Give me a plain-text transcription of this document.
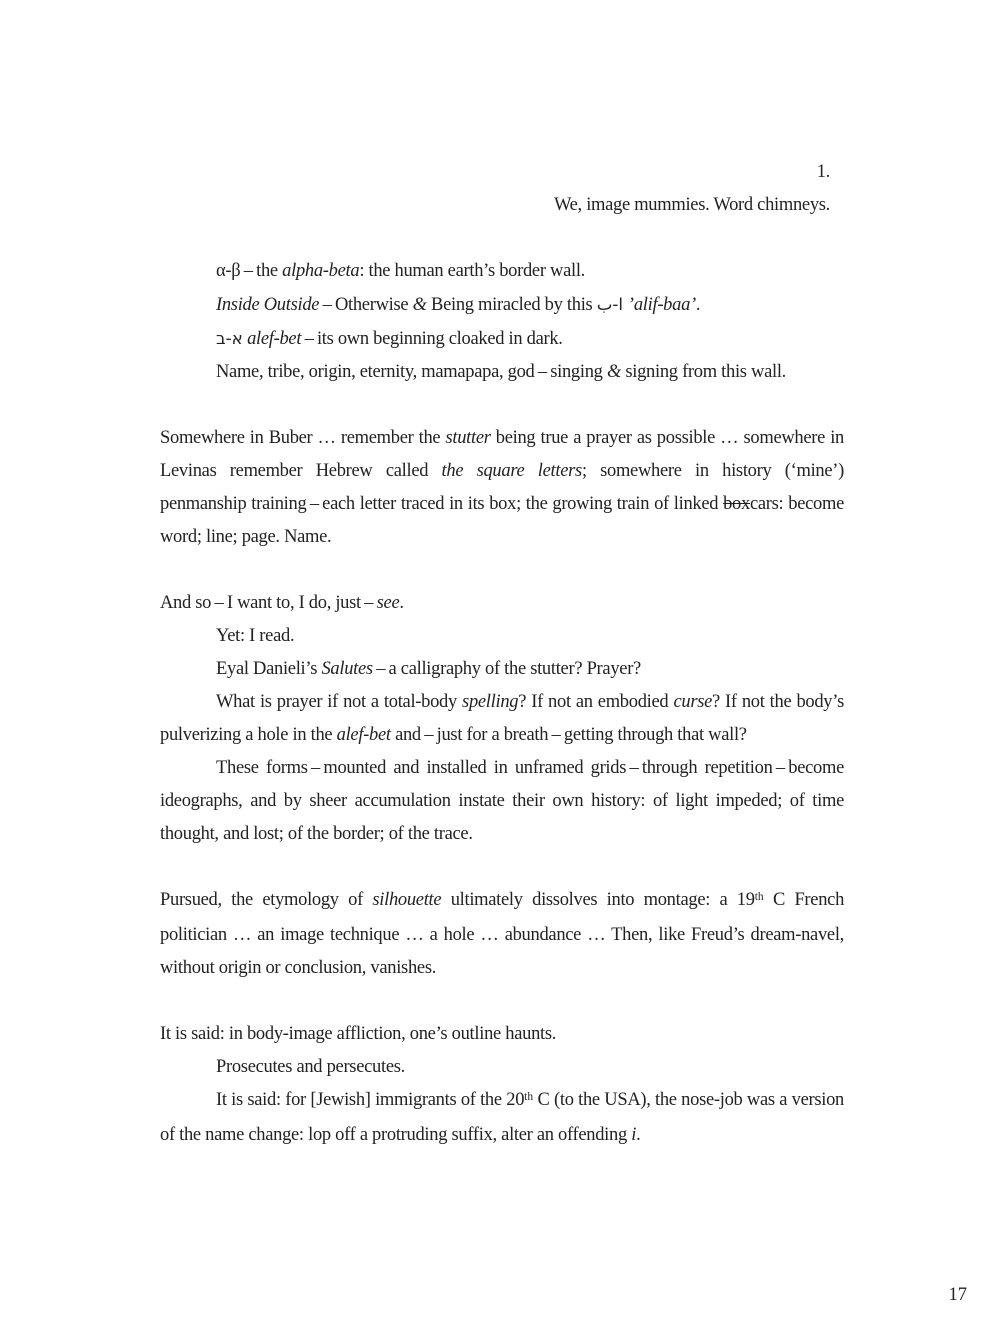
1.

We, image mummies. Word chimneys.

α-β – the alpha-beta: the human earth’s border wall.

Inside Outside – Otherwise & Being miracled by this ا-ب ’alif-baa’.

א-ב alef-bet – its own beginning cloaked in dark.

Name, tribe, origin, eternity, mamapapa, god – singing & signing from this wall.

Somewhere in Buber … remember the stutter being true a prayer as possible … somewhere in Levinas remember Hebrew called the square letters; somewhere in history (‘mine’) penmanship training – each letter traced in its box; the growing train of linked boxcars: become word; line; page. Name.

And so – I want to, I do, just – see.

Yet: I read.

Eyal Danieli’s Salutes – a calligraphy of the stutter? Prayer?

What is prayer if not a total-body spelling? If not an embodied curse? If not the body’s pulverizing a hole in the alef-bet and – just for a breath – getting through that wall?

These forms – mounted and installed in unframed grids – through repetition – become ideographs, and by sheer accumulation instate their own history: of light impeded; of time thought, and lost; of the border; of the trace.

Pursued, the etymology of silhouette ultimately dissolves into montage: a 19th C French politician … an image technique … a hole … abundance … Then, like Freud’s dream-navel, without origin or conclusion, vanishes.

It is said: in body-image affliction, one’s outline haunts.

Prosecutes and persecutes.

It is said: for [Jewish] immigrants of the 20th C (to the USA), the nose-job was a version of the name change: lop off a protruding suffix, alter an offending i.

17
